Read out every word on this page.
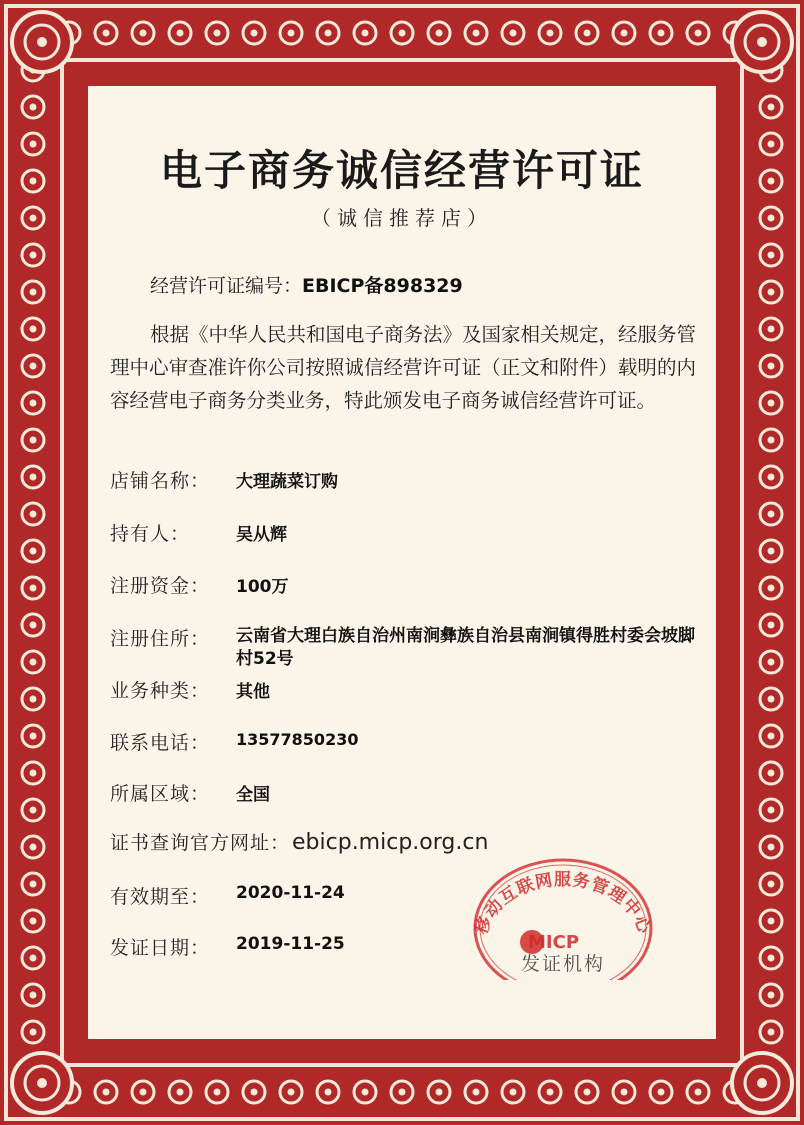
电子商务诚信经营许可证
（诚信推荐店）
经营许可证编号：EBICP备898329
根据《中华人民共和国电子商务法》及国家相关规定，经服务管理中心审查准许你公司按照诚信经营许可证（正文和附件）载明的内容经营电子商务分类业务，特此颁发电子商务诚信经营许可证。
店铺名称： 大理蔬菜订购
持有人：	吴从辉
注册资金： 100万
注册住所： 云南省大理白族自治州南涧彝族自治县南涧镇得胜村委会坡脚村52号
业务种类： 其他
联系电话： 13577850230
所属区域： 全国
证书查询官方网址：ebicp.micp.org.cn
有效期至： 2020-11-24
发证日期： 2019-11-25
移动互联网服务管理中心
MICP
发证机构
